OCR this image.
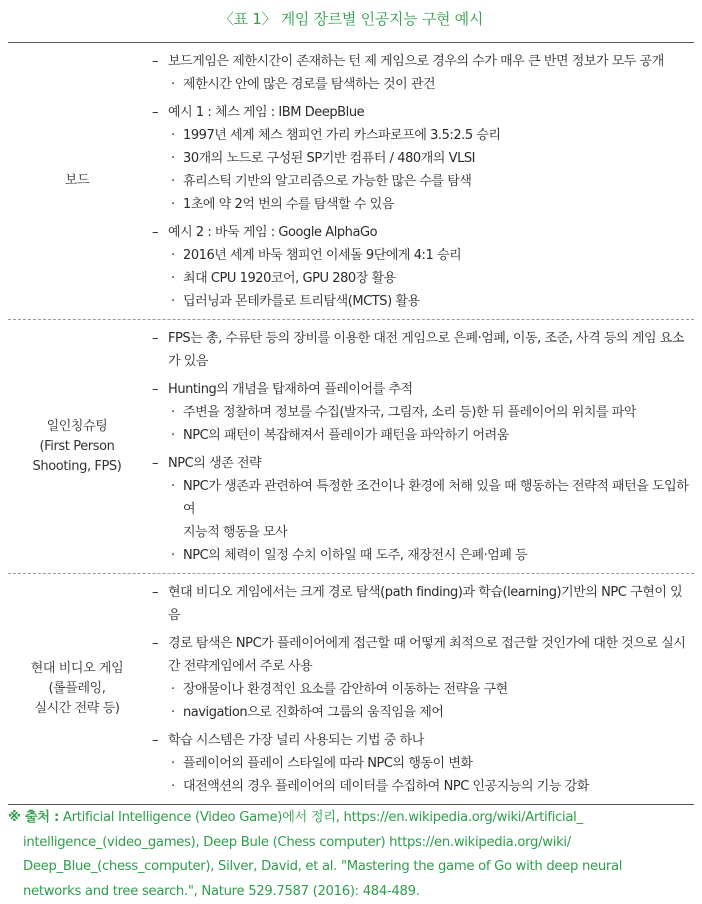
〈표 1〉 게임 장르별 인공지능 구현 예시
보드
– 보드게임은 제한시간이 존재하는 턴 제 게임으로 경우의 수가 매우 큰 반면 정보가 모두 공개
· 제한시간 안에 많은 경로를 탐색하는 것이 관건
– 예시 1 : 체스 게임 : IBM DeepBlue
· 1997년 세계 체스 챔피언 가리 카스파로프에 3.5:2.5 승리
· 30개의 노드로 구성된 SP기반 컴퓨터 / 480개의 VLSI
· 휴리스틱 기반의 알고리즘으로 가능한 많은 수를 탐색
· 1초에 약 2억 번의 수를 탐색할 수 있음
– 예시 2 : 바둑 게임 : Google AlphaGo
· 2016년 세계 바둑 챔피언 이세돌 9단에게 4:1 승리
· 최대 CPU 1920코어, GPU 280장 활용
· 딥러닝과 몬테카를로 트리탐색(MCTS) 활용
일인칭슈팅
(First Person
Shooting, FPS)
– FPS는 총, 수류탄 등의 장비를 이용한 대전 게임으로 은폐·엄폐, 이동, 조준, 사격 등의 게임 요소가 있음
– Hunting의 개념을 탑재하여 플레이어를 추적
· 주변을 정찰하며 정보를 수집(발자국, 그림자, 소리 등)한 뒤 플레이어의 위치를 파악
· NPC의 패턴이 복잡해져서 플레이가 패턴을 파악하기 어려움
– NPC의 생존 전략
· NPC가 생존과 관련하여 특정한 조건이나 환경에 처해 있을 때 행동하는 전략적 패턴을 도입하여
지능적 행동을 모사
· NPC의 체력이 일정 수치 이하일 때 도주, 재장전시 은폐·엄폐 등
현대 비디오 게임
(롤플레잉,
실시간 전략 등)
– 현대 비디오 게임에서는 크게 경로 탐색(path finding)과 학습(learning)기반의 NPC 구현이 있음
– 경로 탐색은 NPC가 플레이어에게 접근할 때 어떻게 최적으로 접근할 것인가에 대한 것으로 실시간 전략게임에서 주로 사용
· 장애물이나 환경적인 요소를 감안하여 이동하는 전략을 구현
· navigation으로 진화하여 그룹의 움직임을 제어
– 학습 시스템은 가장 널리 사용되는 기법 중 하나
· 플레이어의 플레이 스타일에 따라 NPC의 행동이 변화
· 대전액션의 경우 플레이어의 데이터를 수집하여 NPC 인공지능의 기능 강화
※ 출처 : Artificial Intelligence (Video Game)에서 정리, https://en.wikipedia.org/wiki/Artificial_
intelligence_(video_games), Deep Bule (Chess computer) https://en.wikipedia.org/wiki/
Deep_Blue_(chess_computer), Silver, David, et al. "Mastering the game of Go with deep neural
networks and tree search.", Nature 529.7587 (2016): 484-489.
